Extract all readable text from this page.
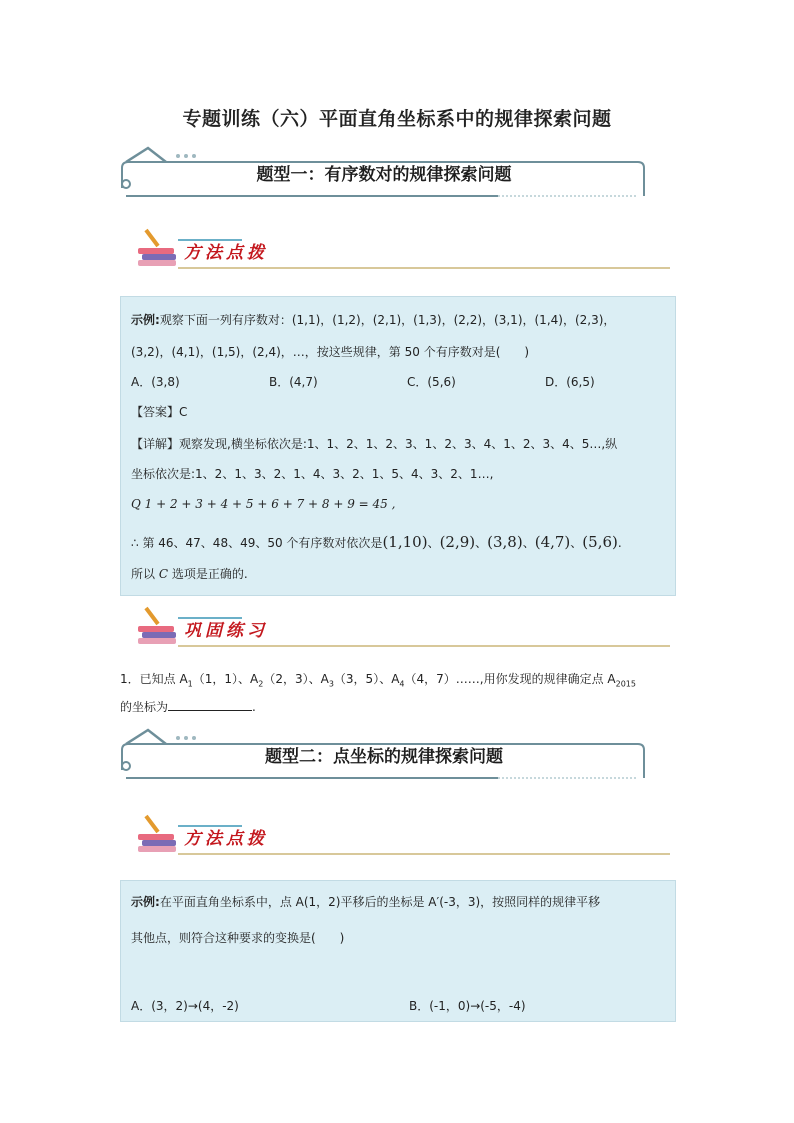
专题训练（六）平面直角坐标系中的规律探索问题
题型一：有序数对的规律探索问题
方法点拨
示例:观察下面一列有序数对：(1,1)，(1,2)，(2,1)，(1,3)，(2,2)，(3,1)，(1,4)，(2,3)，
(3,2)，(4,1)，(1,5)，(2,4)，…，按这些规律，第 50 个有序数对是(　　)
A．(3,8)	B．(4,7)	C．(5,6)	D．(6,5)
【答案】C
【详解】观察发现,横坐标依次是:1、1、2、1、2、3、1、2、3、4、1、2、3、4、5…,纵
坐标依次是:1、2、1、3、2、1、4、3、2、1、5、4、3、2、1…,
Q 1 + 2 + 3 + 4 + 5 + 6 + 7 + 8 + 9 = 45 ,
∴ 第 46、47、48、49、50 个有序数对依次是(1,10)、(2,9)、(3,8)、(4,7)、(5,6).
所以 C 选项是正确的.
巩固练习
1．已知点 $A_1(1$，1）、$A_2(2$，3）、$A_3(3$，5）、$A_4(4$，7）……,用你发现的规律确定点 $A_{2015}$
的坐标为	.
题型二：点坐标的规律探索问题
方法点拨
示例:在平面直角坐标系中，点 A(1，2)平移后的坐标是 A′(-3，3)，按照同样的规律平移
其他点，则符合这种要求的变换是(　　)
A．(3，2)→(4，-2)	B．(-1，0)→(-5，-4)
